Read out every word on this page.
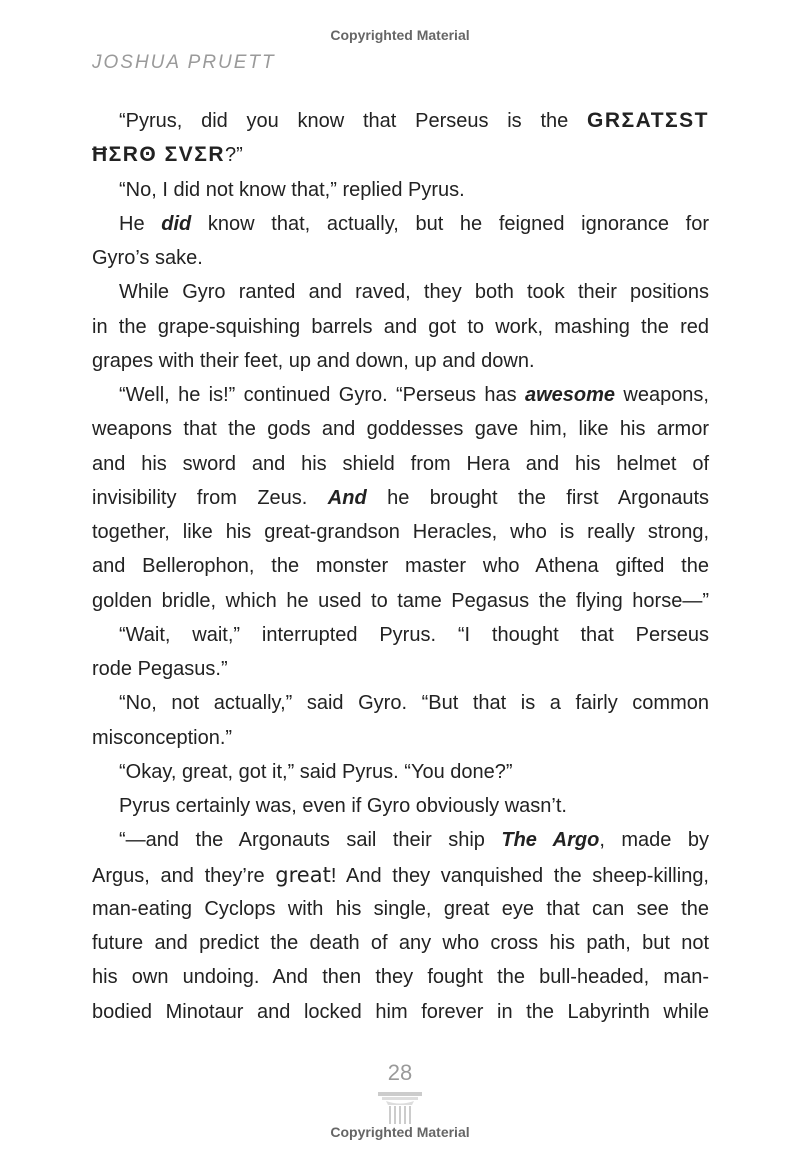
Copyrighted Material
JOSHUA PRUETT
“Pyrus, did you know that Perseus is the GRΣATΣST
ĦΣRʘ ΣVΣR?”
“No, I did not know that,” replied Pyrus.
He did know that, actually, but he feigned ignorance for
Gyro’s sake.
While Gyro ranted and raved, they both took their positions
in the grape-squishing barrels and got to work, mashing the red
grapes with their feet, up and down, up and down.
“Well, he is!” continued Gyro. “Perseus has awesome weapons,
weapons that the gods and goddesses gave him, like his armor
and his sword and his shield from Hera and his helmet of
invisibility from Zeus. And he brought the first Argonauts
together, like his great-grandson Heracles, who is really strong,
and Bellerophon, the monster master who Athena gifted the
golden bridle, which he used to tame Pegasus the flying horse—”
“Wait, wait,” interrupted Pyrus. “I thought that Perseus
rode Pegasus.”
“No, not actually,” said Gyro. “But that is a fairly common
misconception.”
“Okay, great, got it,” said Pyrus. “You done?”
Pyrus certainly was, even if Gyro obviously wasn’t.
“—and the Argonauts sail their ship The Argo, made by
Argus, and they’re great! And they vanquished the sheep-killing,
man-eating Cyclops with his single, great eye that can see the
future and predict the death of any who cross his path, but not
his own undoing. And then they fought the bull-headed, man-
bodied Minotaur and locked him forever in the Labyrinth while
28
Copyrighted Material
